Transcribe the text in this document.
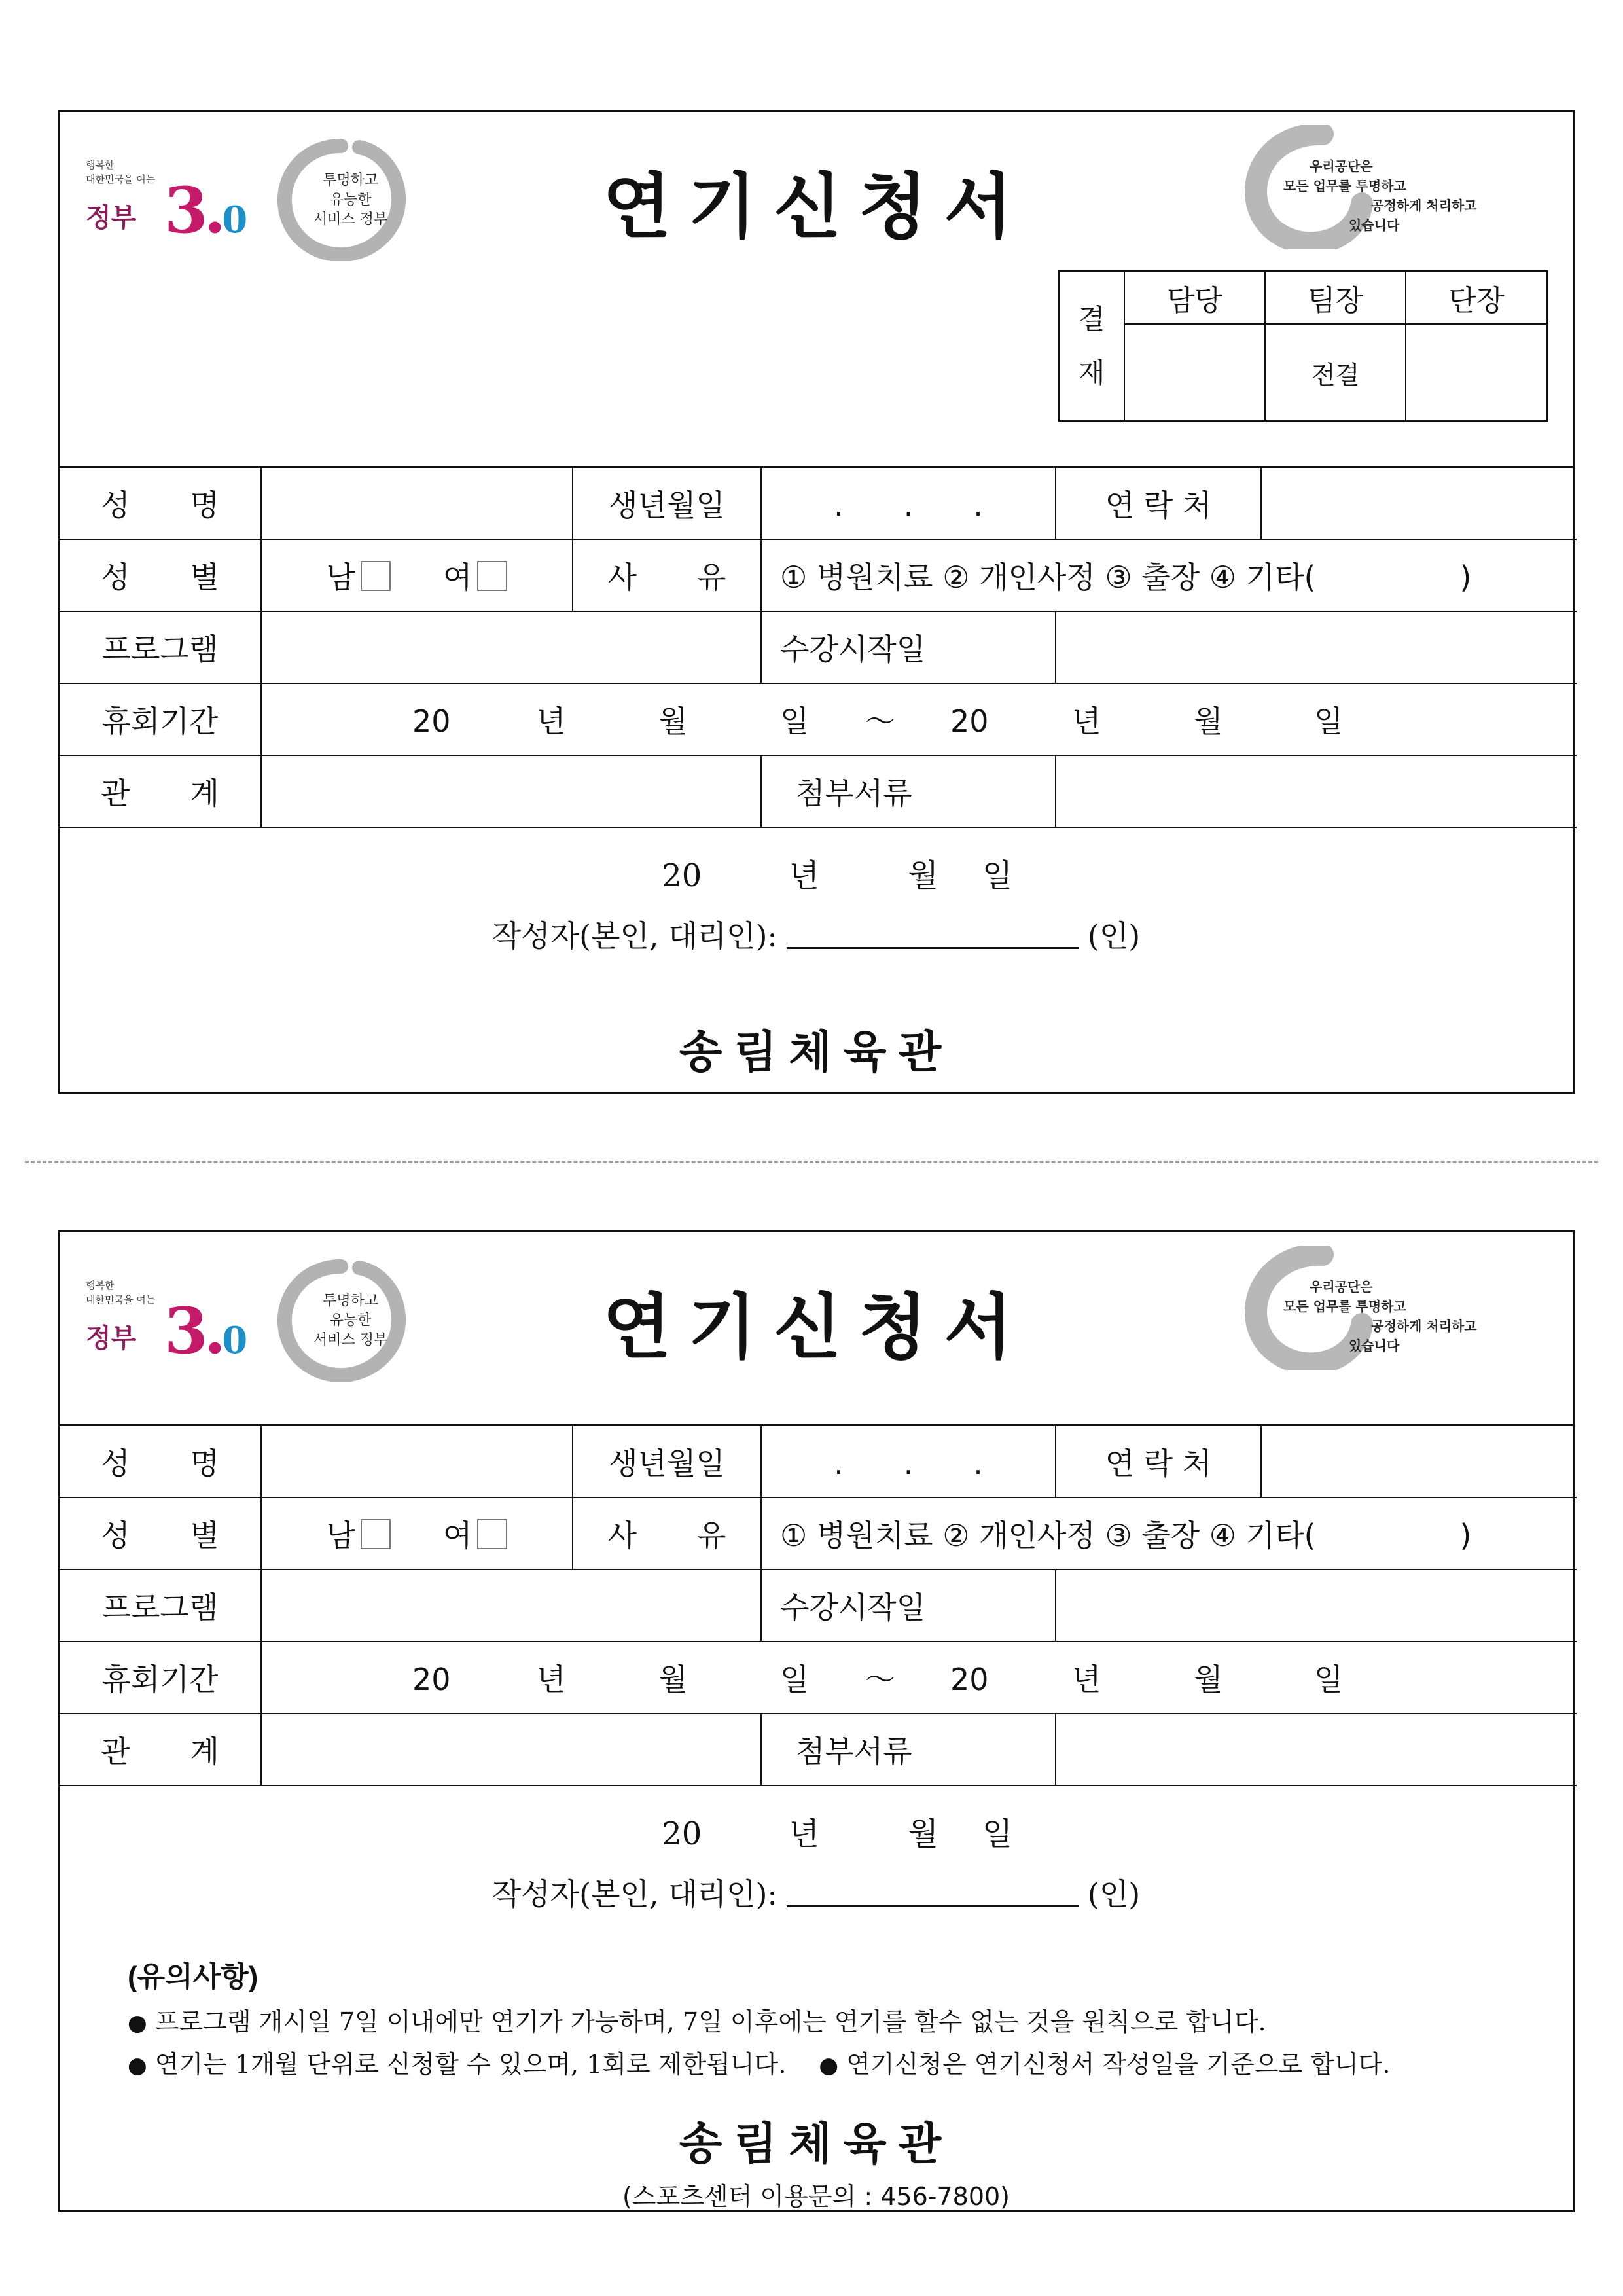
행복한
대한민국을 여는
정부 3.0
투명하고
유능한
서비스 정부	연기신청서	우리공단은
모든 업무를 투명하고
공정하게 처리하고
있습니다
결
재	담당	팀장	단장
		전결	
성　　명		생년월일	.　　.　　.	연 락 처	
성　　별	남 여	사　　유	① 병원치료 ② 개인사정 ③ 출장 ④ 기타( )		
프로그램			수강시작일		
휴회기간	20 년 월 일 ～ 20 년 월 일				
관　　계			첨부서류		
20	년	월 일
작성자(본인, 대리인):	(인)
송림체육관
행복한
대한민국을 여는
정부 3.0
투명하고
유능한
서비스 정부	연기신청서	우리공단은
모든 업무를 투명하고
공정하게 처리하고
있습니다
성　　명		생년월일	.　　.　　.	연 락 처	
성　　별	남 여	사　　유	① 병원치료 ② 개인사정 ③ 출장 ④ 기타( )		
프로그램			수강시작일		
휴회기간	20 년 월 일 ～ 20 년 월 일				
관　　계			첨부서류		
20	년	월 일
작성자(본인, 대리인):	(인)
(유의사항)
● 프로그램 개시일 7일 이내에만 연기가 가능하며, 7일 이후에는 연기를 할수 없는 것을 원칙으로 합니다.
● 연기는 1개월 단위로 신청할 수 있으며, 1회로 제한됩니다. ● 연기신청은 연기신청서 작성일을 기준으로 합니다.
송림체육관
(스포츠센터 이용문의 : 456-7800)
